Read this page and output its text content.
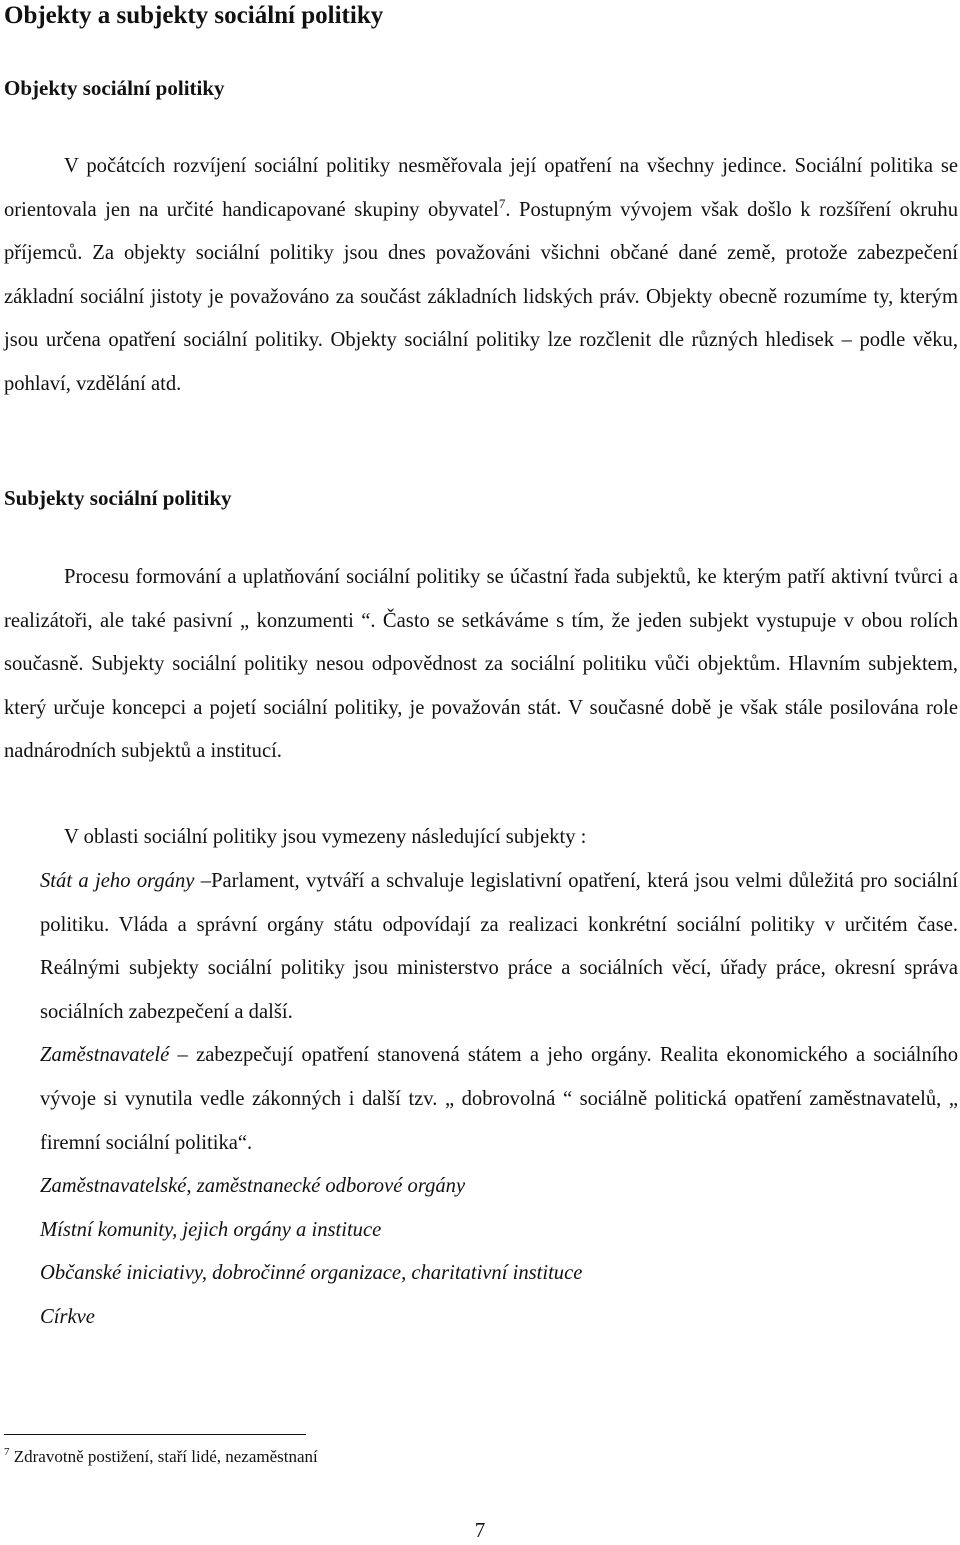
Objekty a subjekty sociální politiky
Objekty sociální politiky

V počátcích rozvíjení sociální politiky nesměřovala její opatření na všechny jedince. Sociální politika se orientovala jen na určité handicapované skupiny obyvatel$^7$. Postupným vývojem však došlo k rozšíření okruhu příjemců. Za objekty sociální politiky jsou dnes považováni všichni občané dané země, protože zabezpečení základní sociální jistoty je považováno za součást základních lidských práv. Objekty obecně rozumíme ty, kterým jsou určena opatření sociální politiky. Objekty sociální politiky lze rozčlenit dle různých hledisek – podle věku, pohlaví, vzdělání atd.

Subjekty sociální politiky

Procesu formování a uplatňování sociální politiky se účastní řada subjektů, ke kterým patří aktivní tvůrci a realizátoři, ale také pasivní „ konzumenti “. Často se setkáváme s tím, že jeden subjekt vystupuje v obou rolích současně. Subjekty sociální politiky nesou odpovědnost za sociální politiku vůči objektům. Hlavním subjektem, který určuje koncepci a pojetí sociální politiky, je považován stát. V současné době je však stále posilována role nadnárodních subjektů a institucí.

V oblasti sociální politiky jsou vymezeny následující subjekty :

Stát a jeho orgány –Parlament, vytváří a schvaluje legislativní opatření, která jsou velmi důležitá pro sociální politiku. Vláda a správní orgány státu odpovídají za realizaci konkrétní sociální politiky v určitém čase. Reálnými subjekty sociální politiky jsou ministerstvo práce a sociálních věcí, úřady práce, okresní správa sociálních zabezpečení a další.

Zaměstnavatelé – zabezpečují opatření stanovená státem a jeho orgány. Realita ekonomického a sociálního vývoje si vynutila vedle zákonných i další tzv. „ dobrovolná “ sociálně politická opatření zaměstnavatelů, „ firemní sociální politika“.

Zaměstnavatelské, zaměstnanecké odborové orgány

Místní komunity, jejich orgány a instituce

Občanské iniciativy, dobročinné organizace, charitativní instituce

Církve

$^7$ Zdravotně postižení, staří lidé, nezaměstnaní
7
